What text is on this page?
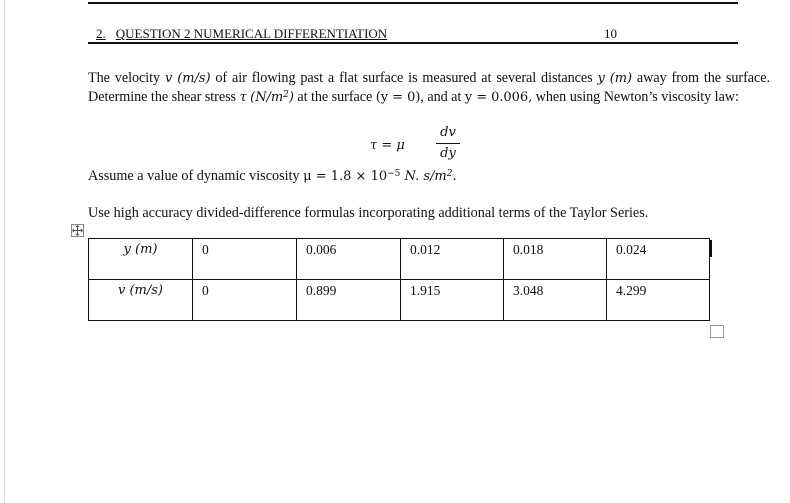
2. QUESTION 2 NUMERICAL DIFFERENTIATION	10
The velocity v (m/s) of air flowing past a flat surface is measured at several distances y (m) away from the surface. Determine the shear stress τ $(N/m^2)$ at the surface (y = 0), and at y = 0.006, when using Newton’s viscosity law:
τ = μ
dv
dy
Assume a value of dynamic viscosity $\mu = 1.8 \times 10^{-5}$ N. $s/m^2$.
Use high accuracy divided-difference formulas incorporating additional terms of the Taylor Series.
y (m)	0	0.006	0.012	0.018	0.024
v (m/s)	0	0.899	1.915	3.048	4.299
